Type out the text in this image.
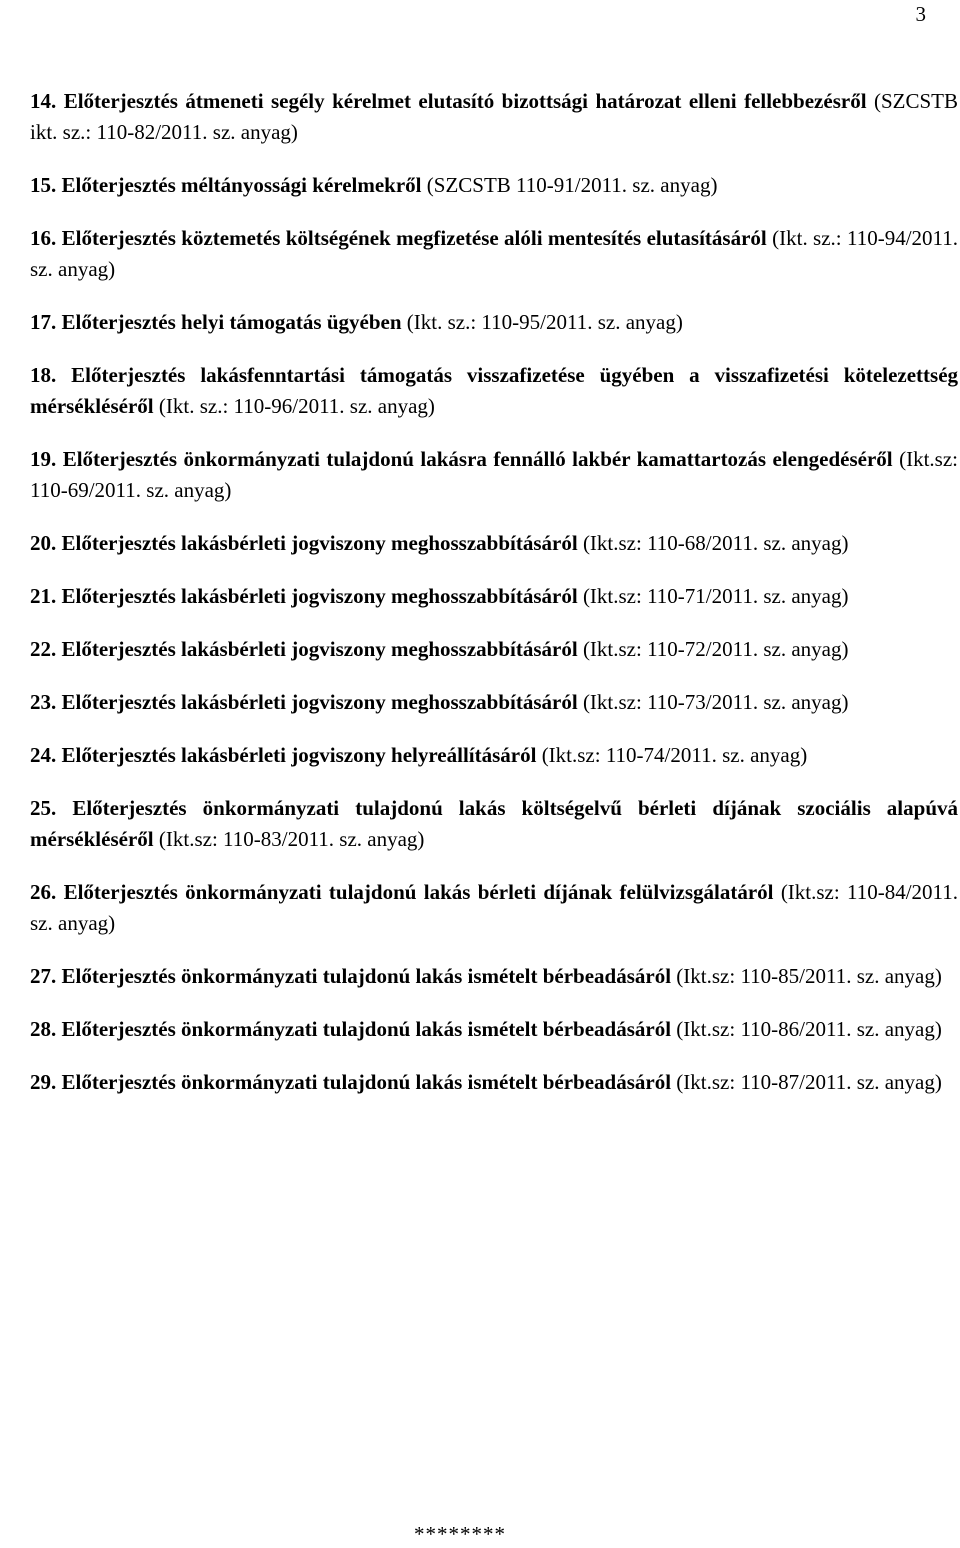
3

14. Előterjesztés átmeneti segély kérelmet elutasító bizottsági határozat elleni fellebbezésről (SZCSTB ikt. sz.: 110-82/2011. sz. anyag)

15. Előterjesztés méltányossági kérelmekről (SZCSTB 110-91/2011. sz. anyag)

16. Előterjesztés köztemetés költségének megfizetése alóli mentesítés elutasításáról (Ikt. sz.: 110-94/2011. sz. anyag)

17. Előterjesztés helyi támogatás ügyében (Ikt. sz.: 110-95/2011. sz. anyag)

18. Előterjesztés lakásfenntartási támogatás visszafizetése ügyében a visszafizetési kötelezettség mérsékléséről (Ikt. sz.: 110-96/2011. sz. anyag)

19. Előterjesztés önkormányzati tulajdonú lakásra fennálló lakbér kamattartozás elengedéséről (Ikt.sz: 110-69/2011. sz. anyag)

20. Előterjesztés lakásbérleti jogviszony meghosszabbításáról (Ikt.sz: 110-68/2011. sz. anyag)

21. Előterjesztés lakásbérleti jogviszony meghosszabbításáról (Ikt.sz: 110-71/2011. sz. anyag)

22. Előterjesztés lakásbérleti jogviszony meghosszabbításáról (Ikt.sz: 110-72/2011. sz. anyag)

23. Előterjesztés lakásbérleti jogviszony meghosszabbításáról (Ikt.sz: 110-73/2011. sz. anyag)

24. Előterjesztés lakásbérleti jogviszony helyreállításáról (Ikt.sz: 110-74/2011. sz. anyag)

25. Előterjesztés önkormányzati tulajdonú lakás költségelvű bérleti díjának szociális alapúvá mérsékléséről (Ikt.sz: 110-83/2011. sz. anyag)

26. Előterjesztés önkormányzati tulajdonú lakás bérleti díjának felülvizsgálatáról (Ikt.sz: 110-84/2011. sz. anyag)

27. Előterjesztés önkormányzati tulajdonú lakás ismételt bérbeadásáról (Ikt.sz: 110-85/2011. sz. anyag)

28. Előterjesztés önkormányzati tulajdonú lakás ismételt bérbeadásáról (Ikt.sz: 110-86/2011. sz. anyag)

29. Előterjesztés önkormányzati tulajdonú lakás ismételt bérbeadásáról (Ikt.sz: 110-87/2011. sz. anyag)

********
